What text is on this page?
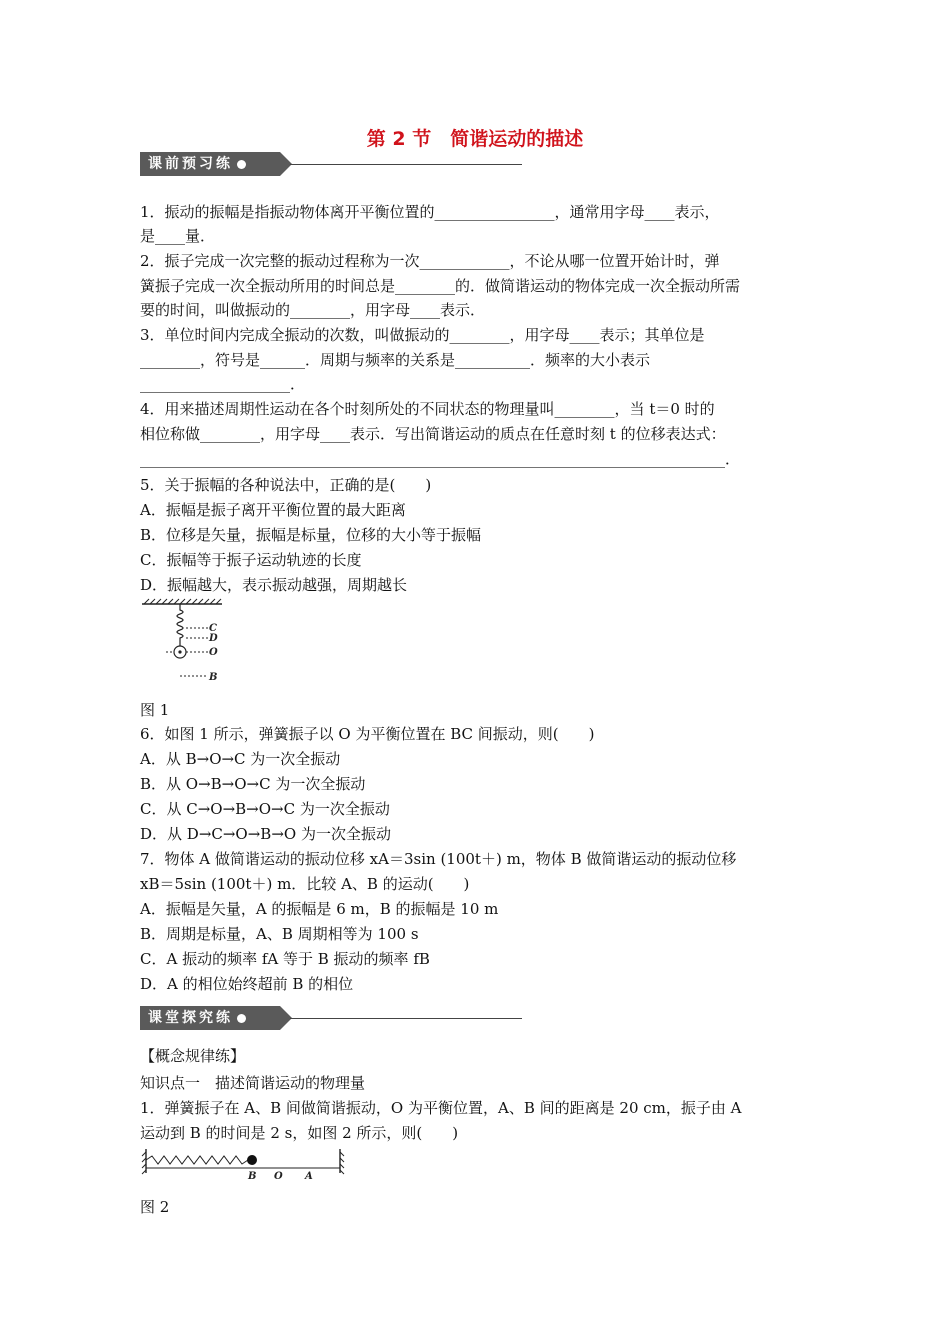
第 2 节　简谐运动的描述
课前预习练
1．振动的振幅是指振动物体离开平衡位置的________________，通常用字母____表示，
是____量．
2．振子完成一次完整的振动过程称为一次____________，不论从哪一位置开始计时，弹
簧振子完成一次全振动所用的时间总是________的．做简谐运动的物体完成一次全振动所需
要的时间，叫做振动的________，用字母____表示．
3．单位时间内完成全振动的次数，叫做振动的________，用字母____表示；其单位是
________，符号是______．周期与频率的关系是__________．频率的大小表示
____________________．
4．用来描述周期性运动在各个时刻所处的不同状态的物理量叫________，当 t＝0 时的
相位称做________，用字母____表示．写出简谐运动的质点在任意时刻 t 的位移表达式：
______________________________________________________________________________．
5．关于振幅的各种说法中，正确的是(　　)
A．振幅是振子离开平衡位置的最大距离
B．位移是矢量，振幅是标量，位移的大小等于振幅
C．振幅等于振子运动轨迹的长度
D．振幅越大，表示振动越强，周期越长
C
D
O
B
图 1
6．如图 1 所示，弹簧振子以 O 为平衡位置在 BC 间振动，则(　　)
A．从 B→O→C 为一次全振动
B．从 O→B→O→C 为一次全振动
C．从 C→O→B→O→C 为一次全振动
D．从 D→C→O→B→O 为一次全振动
7．物体 A 做简谐运动的振动位移 xA＝3sin (100t＋) m，物体 B 做简谐运动的振动位移
xB＝5sin (100t＋) m．比较 A、B 的运动(　　)
A．振幅是矢量，A 的振幅是 6 m，B 的振幅是 10 m
B．周期是标量，A、B 周期相等为 100 s
C．A 振动的频率 fA 等于 B 振动的频率 fB
D．A 的相位始终超前 B 的相位
课堂探究练
【概念规律练】
知识点一　描述简谐运动的物理量
1．弹簧振子在 A、B 间做简谐振动，O 为平衡位置，A、B 间的距离是 20 cm，振子由 A
运动到 B 的时间是 2 s，如图 2 所示，则(　　)
B O A
图 2
